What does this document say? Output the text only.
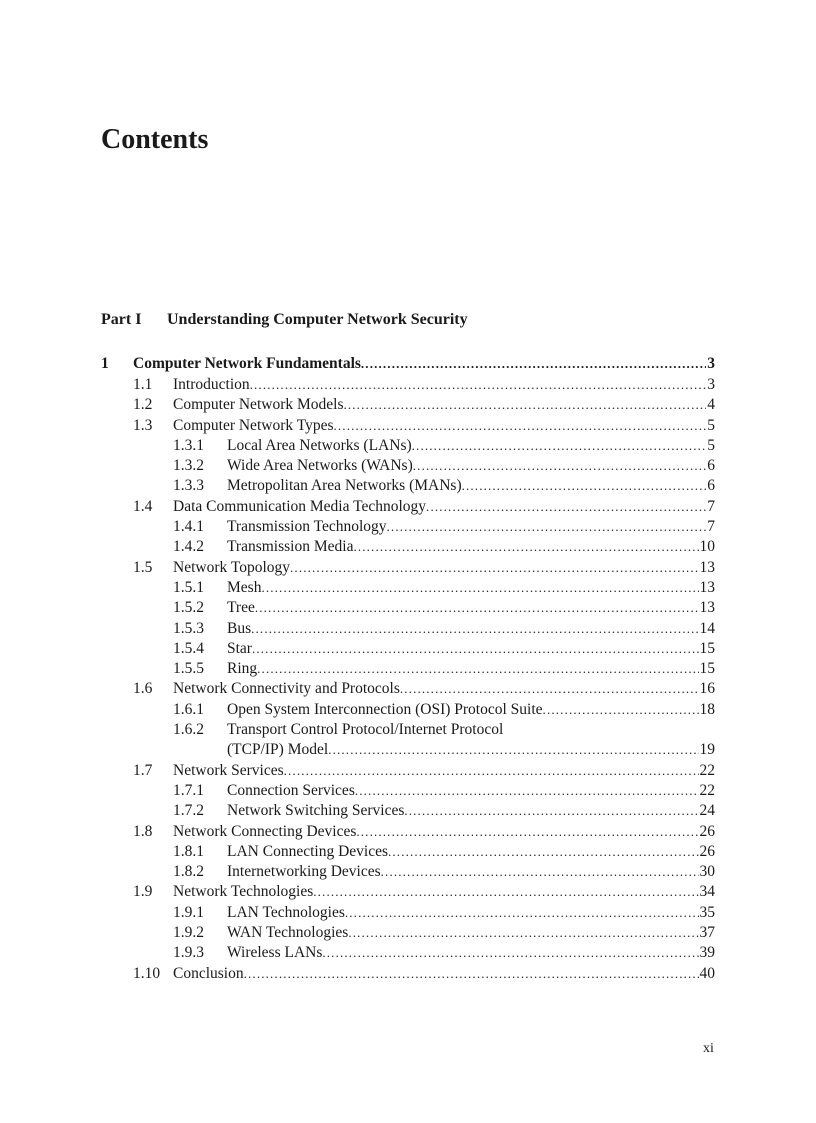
Contents
Part I Understanding Computer Network Security
1 Computer Network Fundamentals . . .	3
1.1 Introduction . . .	3
1.2 Computer Network Models . . .	4
1.3 Computer Network Types . . .	5
1.3.1 Local Area Networks (LANs) . . .	5
1.3.2 Wide Area Networks (WANs) . . .	6
1.3.3 Metropolitan Area Networks (MANs) . . .	6
1.4 Data Communication Media Technology . . .	7
1.4.1 Transmission Technology . . .	7
1.4.2 Transmission Media . . .	10
1.5 Network Topology . . .	13
1.5.1 Mesh . . .	13
1.5.2 Tree . . .	13
1.5.3 Bus . . .	14
1.5.4 Star . . .	15
1.5.5 Ring . . .	15
1.6 Network Connectivity and Protocols . . .	16
1.6.1 Open System Interconnection (OSI) Protocol Suite . . .	18
1.6.2 Transport Control Protocol/Internet Protocol
(TCP/IP) Model . . .	19
1.7 Network Services . . .	22
1.7.1 Connection Services . . .	22
1.7.2 Network Switching Services . . .	24
1.8 Network Connecting Devices . . .	26
1.8.1 LAN Connecting Devices . . .	26
1.8.2 Internetworking Devices . . .	30
1.9 Network Technologies . . .	34
1.9.1 LAN Technologies . . .	35
1.9.2 WAN Technologies . . .	37
1.9.3 Wireless LANs . . .	39
1.10 Conclusion . . .	40
xi
